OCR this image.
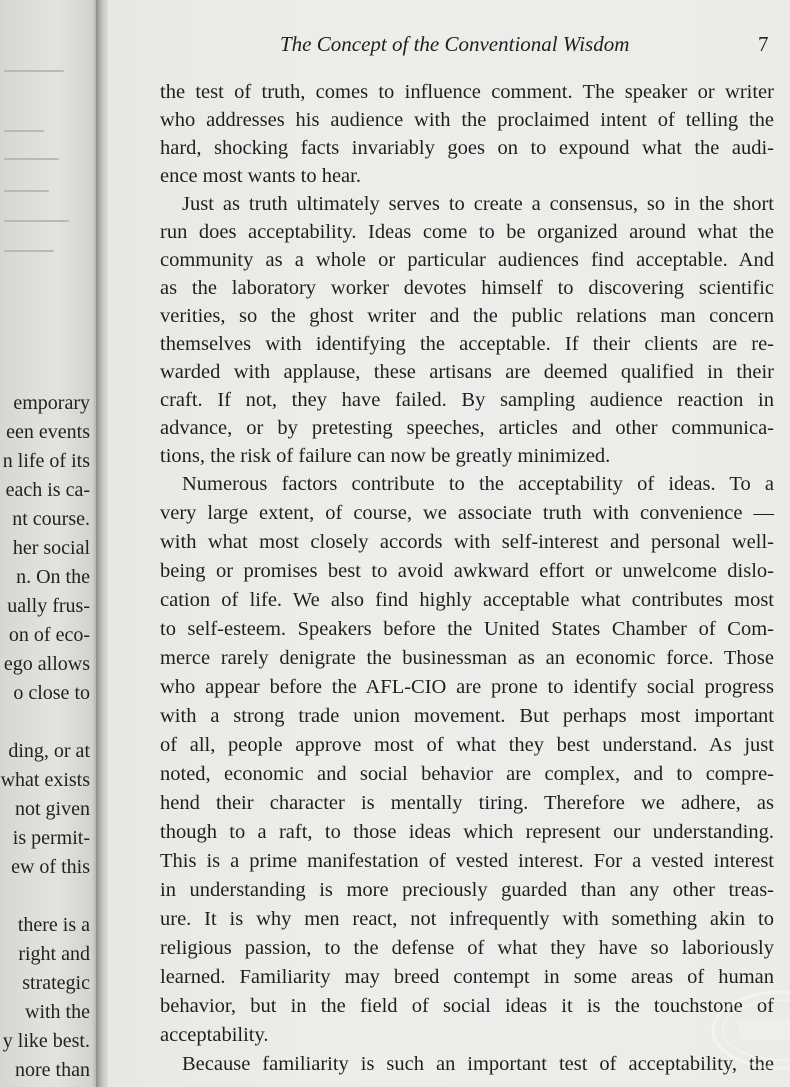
emporary
een events
n life of its
each is ca-
nt course.
her social
n. On the
ually frus-
on of eco-
ego allows
o close to
ding, or at
what exists
not given
is permit-
ew of this
there is a
right and
strategic
with the
y like best.
nore than
The Concept of the Conventional Wisdom	7
the test of truth, comes to influence comment. The speaker or writer
who addresses his audience with the proclaimed intent of telling the
hard, shocking facts invariably goes on to expound what the audi-
ence most wants to hear.
Just as truth ultimately serves to create a consensus, so in the short
run does acceptability. Ideas come to be organized around what the
community as a whole or particular audiences find acceptable. And
as the laboratory worker devotes himself to discovering scientific
verities, so the ghost writer and the public relations man concern
themselves with identifying the acceptable. If their clients are re-
warded with applause, these artisans are deemed qualified in their
craft. If not, they have failed. By sampling audience reaction in
advance, or by pretesting speeches, articles and other communica-
tions, the risk of failure can now be greatly minimized.
Numerous factors contribute to the acceptability of ideas. To a
very large extent, of course, we associate truth with convenience —
with what most closely accords with self-interest and personal well-
being or promises best to avoid awkward effort or unwelcome dislo-
cation of life. We also find highly acceptable what contributes most
to self-esteem. Speakers before the United States Chamber of Com-
merce rarely denigrate the businessman as an economic force. Those
who appear before the AFL-CIO are prone to identify social progress
with a strong trade union movement. But perhaps most important
of all, people approve most of what they best understand. As just
noted, economic and social behavior are complex, and to compre-
hend their character is mentally tiring. Therefore we adhere, as
though to a raft, to those ideas which represent our understanding.
This is a prime manifestation of vested interest. For a vested interest
in understanding is more preciously guarded than any other treas-
ure. It is why men react, not infrequently with something akin to
religious passion, to the defense of what they have so laboriously
learned. Familiarity may breed contempt in some areas of human
behavior, but in the field of social ideas it is the touchstone of
acceptability.
Because familiarity is such an important test of acceptability, the
